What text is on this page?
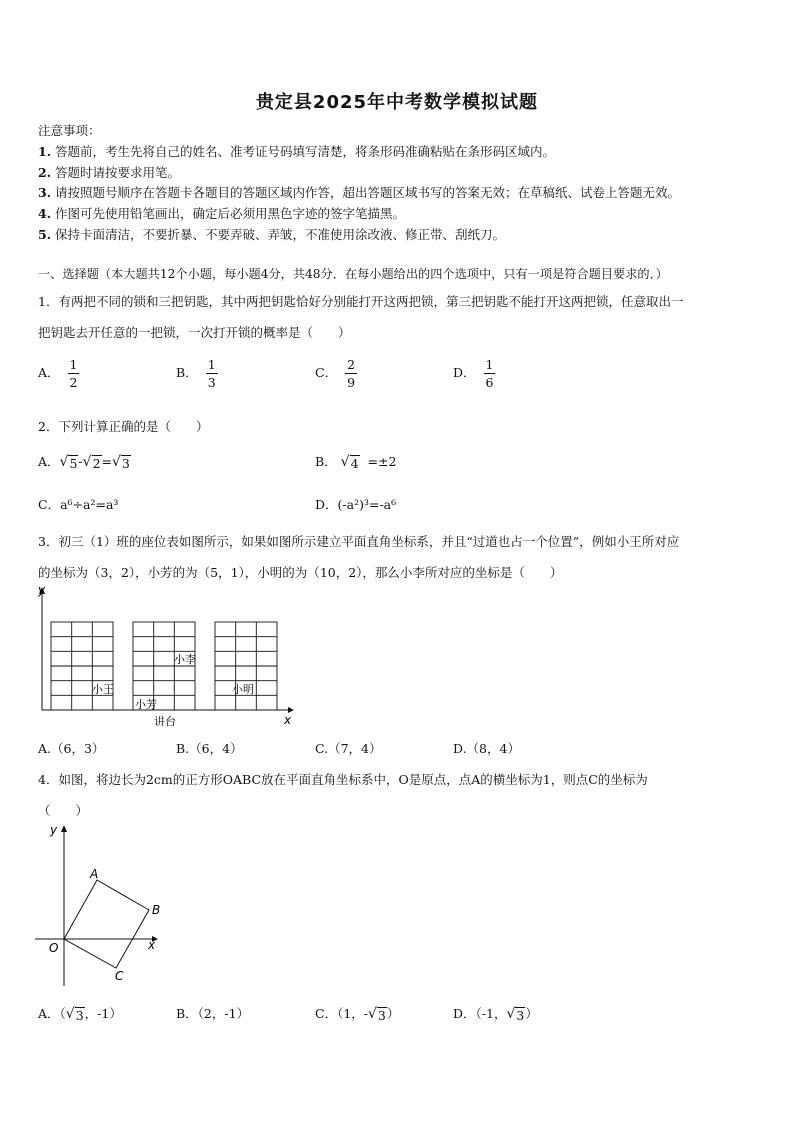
贵定县2025年中考数学模拟试题
注意事项：
1. 答题前，考生先将自己的姓名、准考证号码填写清楚，将条形码准确粘贴在条形码区域内。
2. 答题时请按要求用笔。
3. 请按照题号顺序在答题卡各题目的答题区域内作答，超出答题区域书写的答案无效；在草稿纸、试卷上答题无效。
4. 作图可先使用铅笔画出，确定后必须用黑色字迹的签字笔描黑。
5. 保持卡面清洁，不要折暴、不要弄破、弄皱，不准使用涂改液、修正带、刮纸刀。
一、选择题（本大题共12个小题，每小题4分，共48分．在每小题给出的四个选项中，只有一项是符合题目要求的．）
1．有两把不同的锁和三把钥匙，其中两把钥匙恰好分别能打开这两把锁，第三把钥匙不能打开这两把锁，任意取出一
把钥匙去开任意的一把锁，一次打开锁的概率是（　　）
A． $\frac{1}{2}$	B． $\frac{1}{3}$	C． $\frac{2}{9}$	D． $\frac{1}{6}$
2．下列计算正确的是（　　）
A． √ 5 - √ 2 = √ 3	B． √ 4 =±2
C．a⁶÷a²=a³	D．(-a²)³=-a⁶
3．初三（1）班的座位表如图所示，如果如图所示建立平面直角坐标系，并且“过道也占一个位置”，例如小王所对应
的坐标为（3，2），小芳的为（5，1），小明的为（10，2），那么小李所对应的坐标是（　　）
y
x
小王
小芳
小李
小明
讲台
A.（6，3）	B.（6，4）	C.（7，4）	D.（8，4）
4．如图，将边长为2cm的正方形OABC放在平面直角坐标系中，O是原点，点A的横坐标为1，则点C的坐标为
（　　）
y
x
O
A
B
C
A．（ √ 3 ，-1）	B．（2，-1）	C．（1，- √ 3 ）	D．（-1， √ 3 ）
